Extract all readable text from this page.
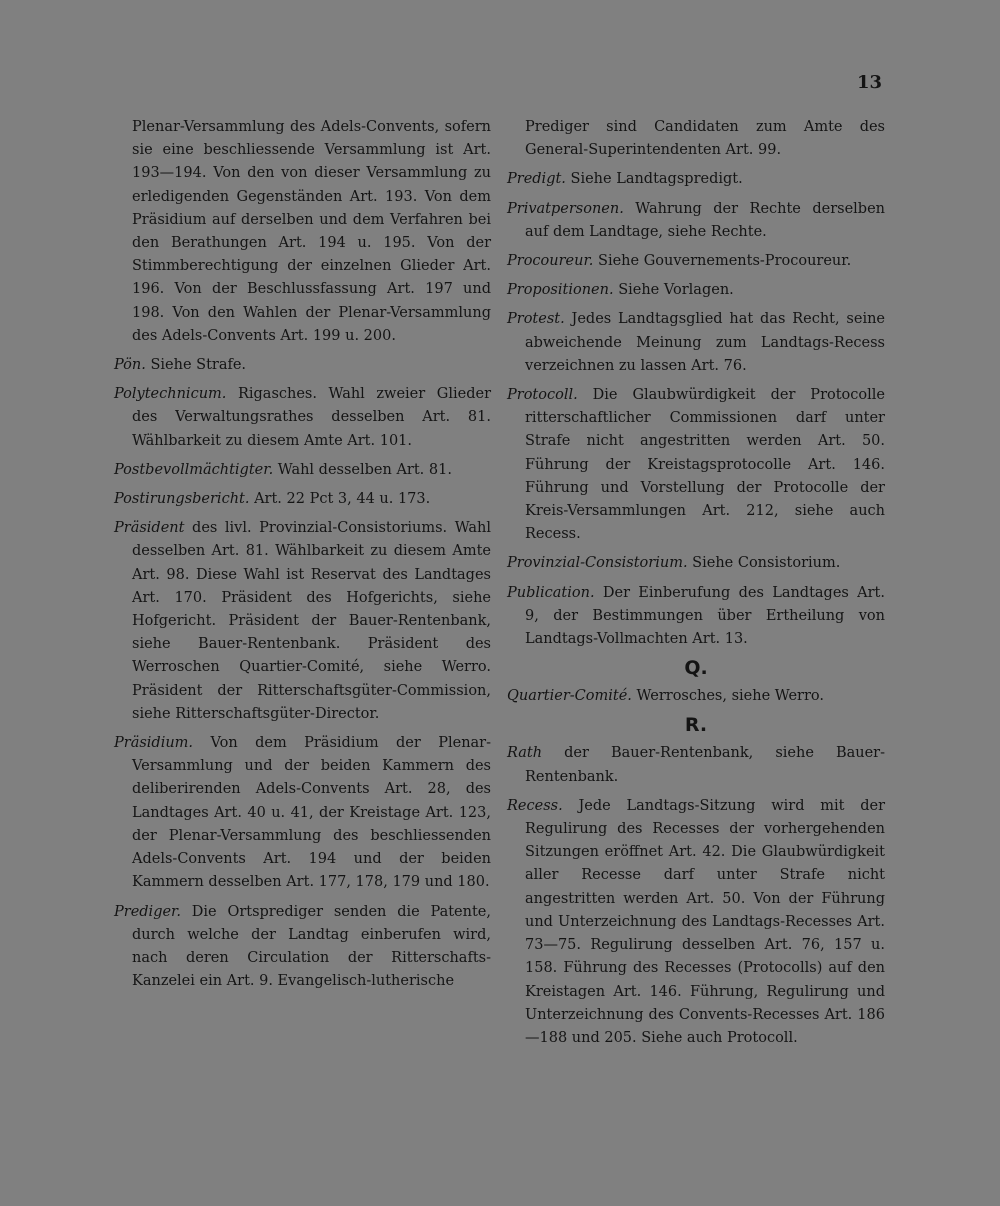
13

Plenar-Versammlung des Adels-Convents, sofern sie eine beschliessende Versammlung ist Art. 193—194. Von den von dieser Versammlung zu erledigenden Gegenständen Art. 193. Von dem Präsidium auf derselben und dem Verfahren bei den Berathungen Art. 194 u. 195. Von der Stimmberechtigung der einzelnen Glieder Art. 196. Von der Beschlussfassung Art. 197 und 198. Von den Wahlen der Plenar-Versammlung des Adels-Convents Art. 199 u. 200.

Pön. Siehe Strafe.

Polytechnicum. Rigasches. Wahl zweier Glieder des Verwaltungsrathes desselben Art. 81. Wählbarkeit zu diesem Amte Art. 101.

Postbevollmächtigter. Wahl desselben Art. 81.

Postirungsbericht. Art. 22 Pct 3, 44 u. 173.

Präsident des livl. Provinzial-Consistoriums. Wahl desselben Art. 81. Wählbarkeit zu diesem Amte Art. 98. Diese Wahl ist Reservat des Landtages Art. 170. Präsident des Hofgerichts, siehe Hofgericht. Präsident der Bauer-Rentenbank, siehe Bauer-Rentenbank. Präsident des Werroschen Quartier-Comité, siehe Werro. Präsident der Ritterschaftsgüter-Commission, siehe Ritterschaftsgüter-Director.

Präsidium. Von dem Präsidium der Plenar-Versammlung und der beiden Kammern des deliberirenden Adels-Convents Art. 28, des Landtages Art. 40 u. 41, der Kreistage Art. 123, der Plenar-Versammlung des beschliessenden Adels-Convents Art. 194 und der beiden Kammern desselben Art. 177, 178, 179 und 180.

Prediger. Die Ortsprediger senden die Patente, durch welche der Landtag einberufen wird, nach deren Circulation der Ritterschafts-Kanzelei ein Art. 9. Evangelisch-lutherische

Prediger sind Candidaten zum Amte des General-Superintendenten Art. 99.

Predigt. Siehe Landtagspredigt.

Privatpersonen. Wahrung der Rechte derselben auf dem Landtage, siehe Rechte.

Procoureur. Siehe Gouvernements-Procoureur.

Propositionen. Siehe Vorlagen.

Protest. Jedes Landtagsglied hat das Recht, seine abweichende Meinung zum Landtags-Recess verzeichnen zu lassen Art. 76.

Protocoll. Die Glaubwürdigkeit der Protocolle ritterschaftlicher Commissionen darf unter Strafe nicht angestritten werden Art. 50. Führung der Kreistagsprotocolle Art. 146. Führung und Vorstellung der Protocolle der Kreis-Versammlungen Art. 212, siehe auch Recess.

Provinzial-Consistorium. Siehe Consistorium.

Publication. Der Einberufung des Landtages Art. 9, der Bestimmungen über Ertheilung von Landtags-Vollmachten Art. 13.

Q.

Quartier-Comité. Werrosches, siehe Werro.

R.

Rath der Bauer-Rentenbank, siehe Bauer-Rentenbank.

Recess. Jede Landtags-Sitzung wird mit der Regulirung des Recesses der vorhergehenden Sitzungen eröffnet Art. 42. Die Glaubwürdigkeit aller Recesse darf unter Strafe nicht angestritten werden Art. 50. Von der Führung und Unterzeichnung des Landtags-Recesses Art. 73—75. Regulirung desselben Art. 76, 157 u. 158. Führung des Recesses (Protocolls) auf den Kreistagen Art. 146. Führung, Regulirung und Unterzeichnung des Convents-Recesses Art. 186—188 und 205. Siehe auch Protocoll.
